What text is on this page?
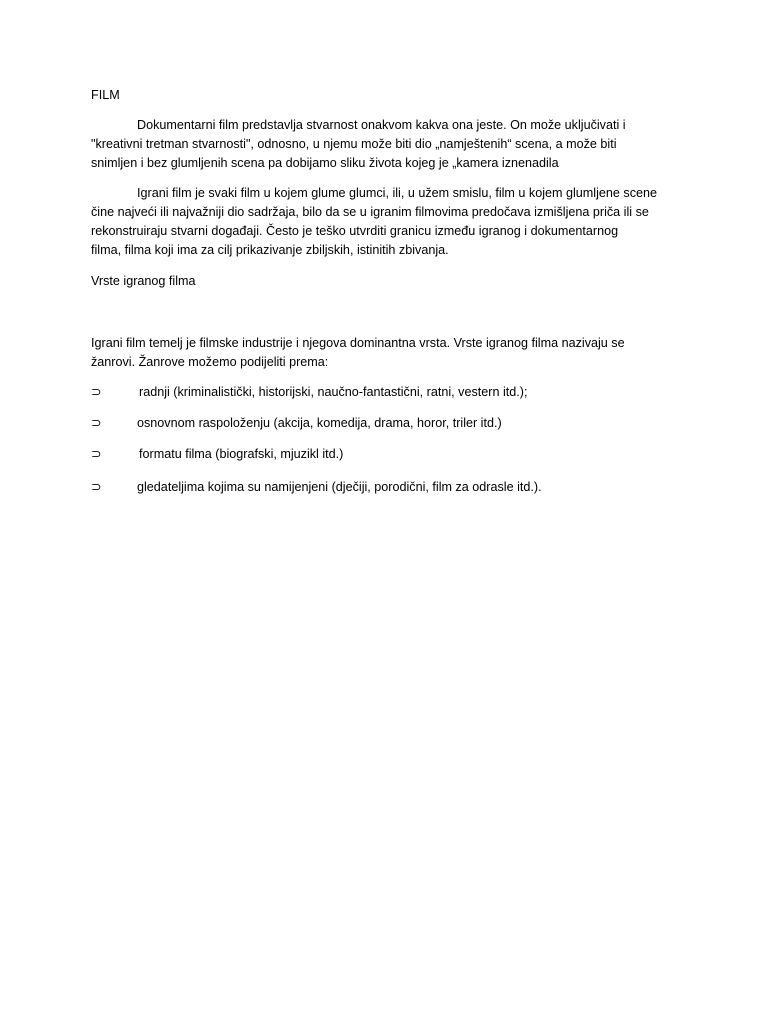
FILM
Dokumentarni film predstavlja stvarnost onakvom kakva ona jeste. On može uključivati i
"kreativni tretman stvarnosti", odnosno, u njemu može biti dio „namještenih“ scena, a može biti
snimljen i bez glumljenih scena pa dobijamo sliku života kojeg je „kamera iznenadila
Igrani film je svaki film u kojem glume glumci, ili, u užem smislu, film u kojem glumljene scene
čine najveći ili najvažniji dio sadržaja, bilo da se u igranim filmovima predočava izmišljena priča ili se
rekonstruiraju stvarni događaji. Često je teško utvrditi granicu između igranog i dokumentarnog
filma, filma koji ima za cilj prikazivanje zbiljskih, istinitih zbivanja.
Vrste igranog filma
Igrani film temelj je filmske industrije i njegova dominantna vrsta. Vrste igranog filma nazivaju se
žanrovi. Žanrove možemo podijeliti prema:
⊃	radnji (kriminalistički, historijski, naučno-fantastični, ratni, vestern itd.);
⊃	osnovnom raspoloženju (akcija, komedija, drama, horor, triler itd.)
⊃	formatu filma (biografski, mjuzikl itd.)
⊃	gledateljima kojima su namijenjeni (dječiji, porodični, film za odrasle itd.).
